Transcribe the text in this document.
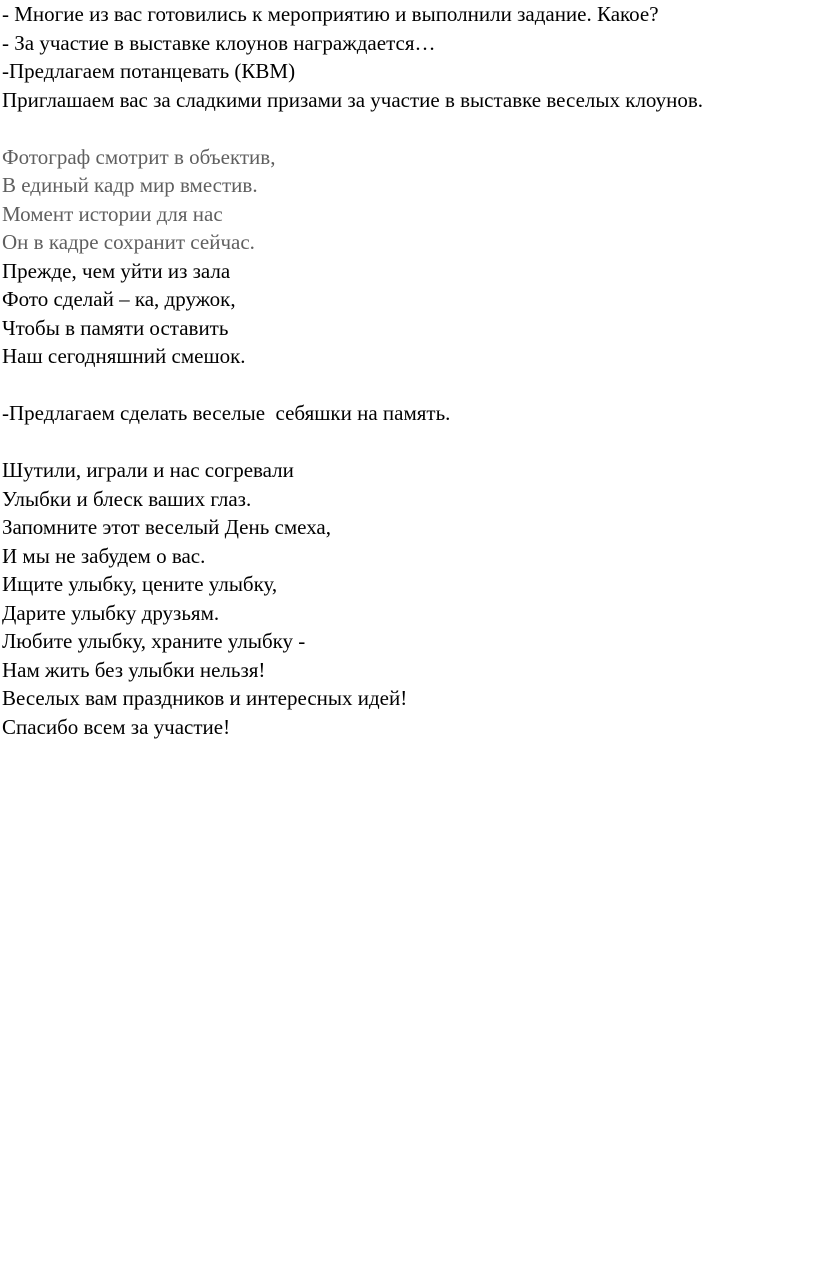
- Многие из вас готовились к мероприятию и выполнили задание. Какое?
- За участие в выставке клоунов награждается…
-Предлагаем потанцевать (КВМ)
Приглашаем вас за сладкими призами за участие в выставке веселых клоунов.
Фотограф смотрит в объектив,
В единый кадр мир вместив.
Момент истории для нас
Он в кадре сохранит сейчас.
Прежде, чем уйти из зала
Фото сделай – ка, дружок,
Чтобы в памяти оставить
Наш сегодняшний смешок.
-Предлагаем сделать веселые  себяшки на память.
Шутили, играли и нас согревали
Улыбки и блеск ваших глаз.
Запомните этот веселый День смеха,
И мы не забудем о вас.
Ищите улыбку, цените улыбку,
Дарите улыбку друзьям.
Любите улыбку, храните улыбку -
Нам жить без улыбки нельзя!
Веселых вам праздников и интересных идей!
Спасибо всем за участие!
